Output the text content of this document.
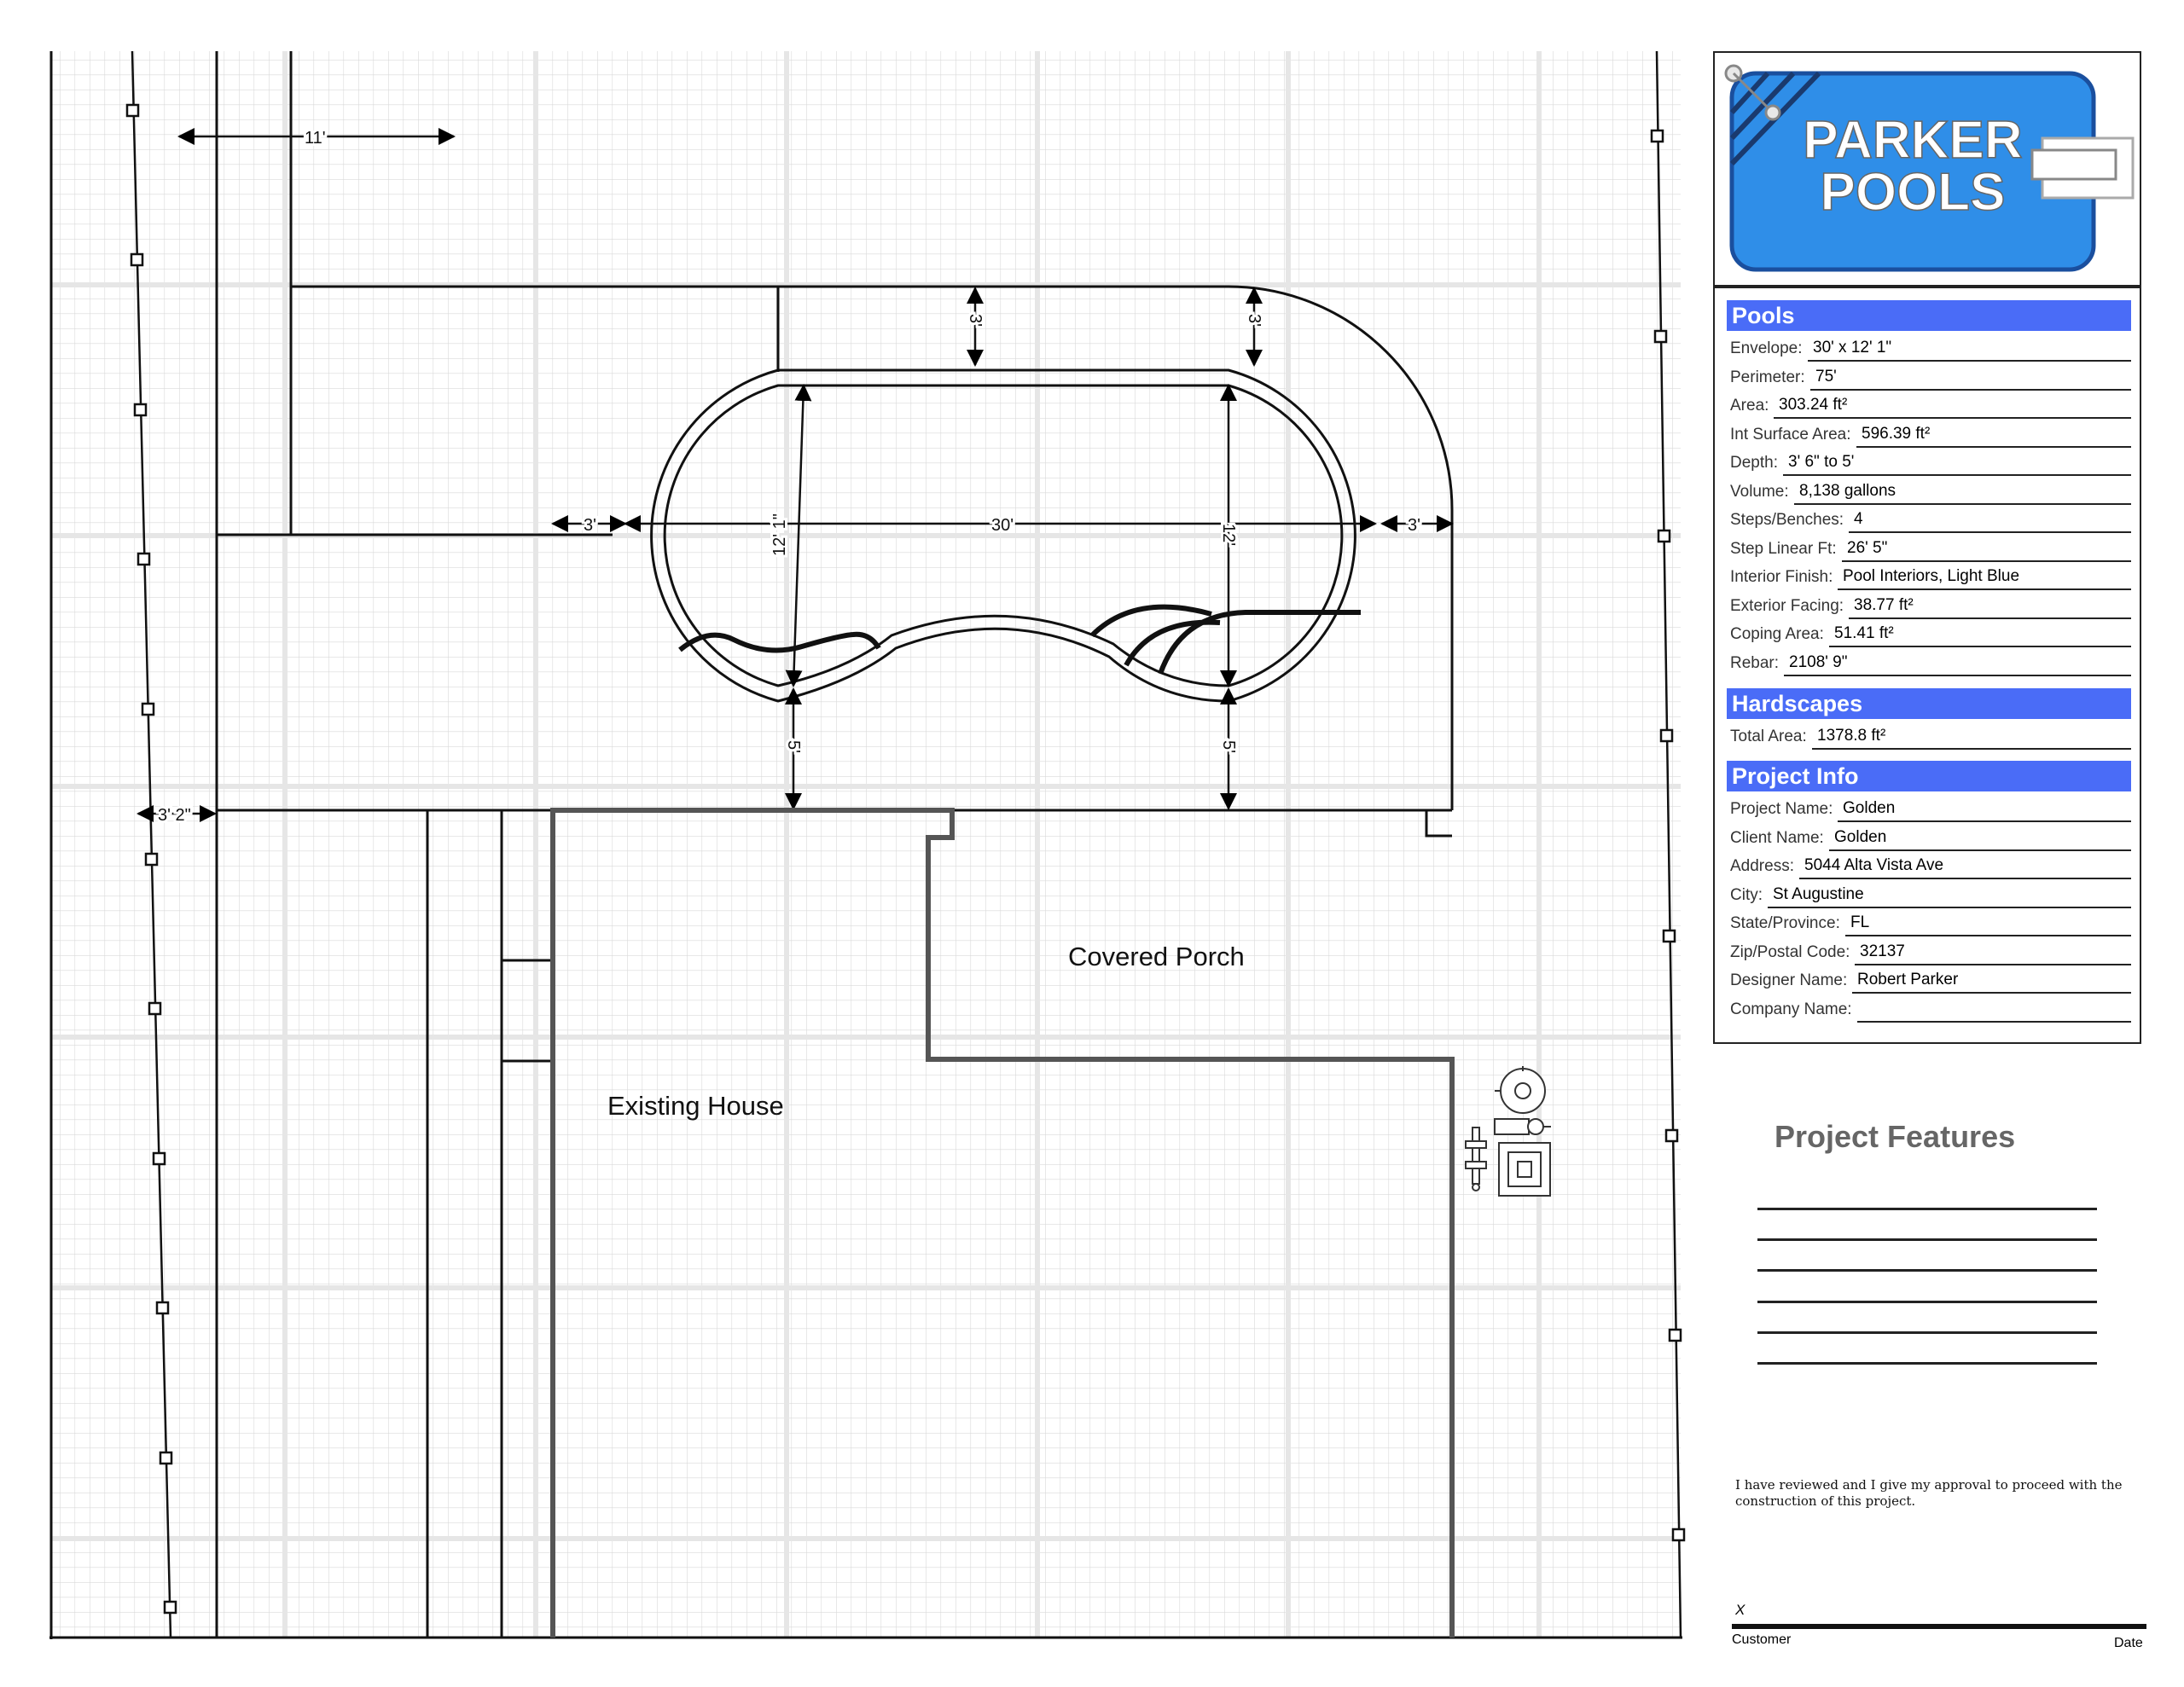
11'
3' 2"
3'	30'	3'
3'	3'
12' 1"	12'
5'	5'
Covered Porch
Existing House
PARKER
POOLS
Pools
Envelope: 30' x 12' 1"
Perimeter: 75'
Area: 303.24 ft²
Int Surface Area: 596.39 ft²
Depth: 3' 6" to 5'
Volume: 8,138 gallons
Steps/Benches: 4
Step Linear Ft: 26' 5"
Interior Finish: Pool Interiors, Light Blue
Exterior Facing: 38.77 ft²
Coping Area: 51.41 ft²
Rebar: 2108' 9"
Hardscapes
Total Area: 1378.8 ft²
Project Info
Project Name: Golden
Client Name: Golden
Address: 5044 Alta Vista Ave
City: St Augustine
State/Province: FL
Zip/Postal Code: 32137
Designer Name: Robert Parker
Company Name:
Project Features
I have reviewed and I give my approval to proceed with the construction of this project.
X
Customer	Date
